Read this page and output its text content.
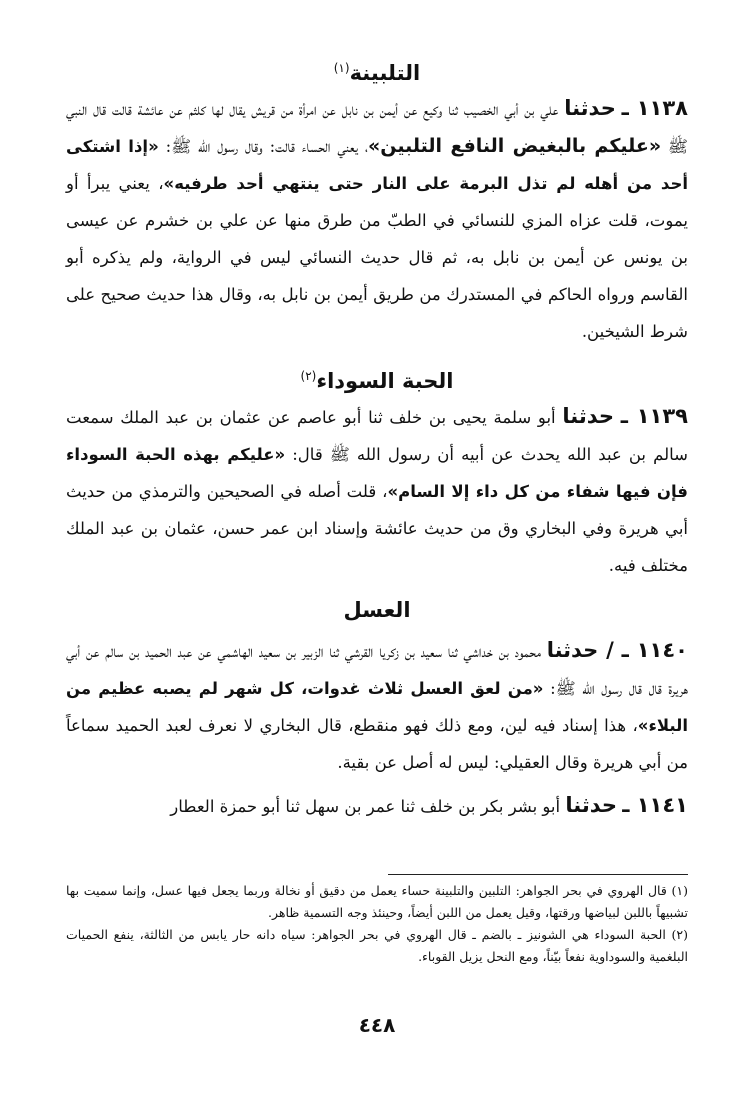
التلبينة$^{(١)}$

١١٣٨ ـ حدثنا علي بن أبي الخصيب ثنا وكيع عن أيمن بن نابل عن امرأة من قريش يقال لها كلثم عن عائشة قالت قال النبي ﷺ «عليكم بالبغيض النافع التلبين»، يعني الحساء قالت: وقال رسول الله ﷺ: «إذا اشتكى أحد من أهله لم تذل البرمة على النار حتى ينتهي أحد طرفيه»، يعني يبرأ أو يموت، قلت عزاه المزي للنسائي في الطبّ من طرق منها عن علي بن خشرم عن عيسى بن يونس عن أيمن بن نابل به، ثم قال حديث النسائي ليس في الرواية، ولم يذكره أبو القاسم ورواه الحاكم في المستدرك من طريق أيمن بن نابل به، وقال هذا حديث صحيح على شرط الشيخين.

الحبة السوداء$^{(٢)}$

١١٣٩ ـ حدثنا أبو سلمة يحيى بن خلف ثنا أبو عاصم عن عثمان بن عبد الملك سمعت سالم بن عبد الله يحدث عن أبيه أن رسول الله ﷺ قال: «عليكم بهذه الحبة السوداء فإن فيها شفاء من كل داء إلا السام»، قلت أصله في الصحيحين والترمذي من حديث أبي هريرة وفي البخاري وق من حديث عائشة وإسناد ابن عمر حسن، عثمان بن عبد الملك مختلف فيه.

العسل

١١٤٠ ـ / حدثنا محمود بن خداشي ثنا سعيد بن زكريا القرشي ثنا الزبير بن سعيد الهاشمي عن عبد الحميد بن سالم عن أبي هريرة قال قال رسول الله ﷺ: «من لعق العسل ثلاث غدوات، كل شهر لم يصبه عظيم من البلاء»، هذا إسناد فيه لين، ومع ذلك فهو منقطع، قال البخاري لا نعرف لعبد الحميد سماعاً من أبي هريرة وقال العقيلي: ليس له أصل عن بقية.

١١٤١ ـ حدثنا أبو بشر بكر بن خلف ثنا عمر بن سهل ثنا أبو حمزة العطار

(١) قال الهروي في بحر الجواهر: التلبين والتلبينة حساء يعمل من دقيق أو نخالة وربما يجعل فيها عسل، وإنما سميت بها تشبيهاً باللبن لبياضها ورقتها، وقيل يعمل من اللبن أيضاً، وحينئذ وجه التسمية ظاهر.

(٢) الحبة السوداء هي الشونيز ـ بالضم ـ قال الهروي في بحر الجواهر: سياه دانه حار يابس من الثالثة، ينفع الحميات البلغمية والسوداوية نفعاً بيّناً، ومع النحل يزيل القوباء.

٤٤٨
